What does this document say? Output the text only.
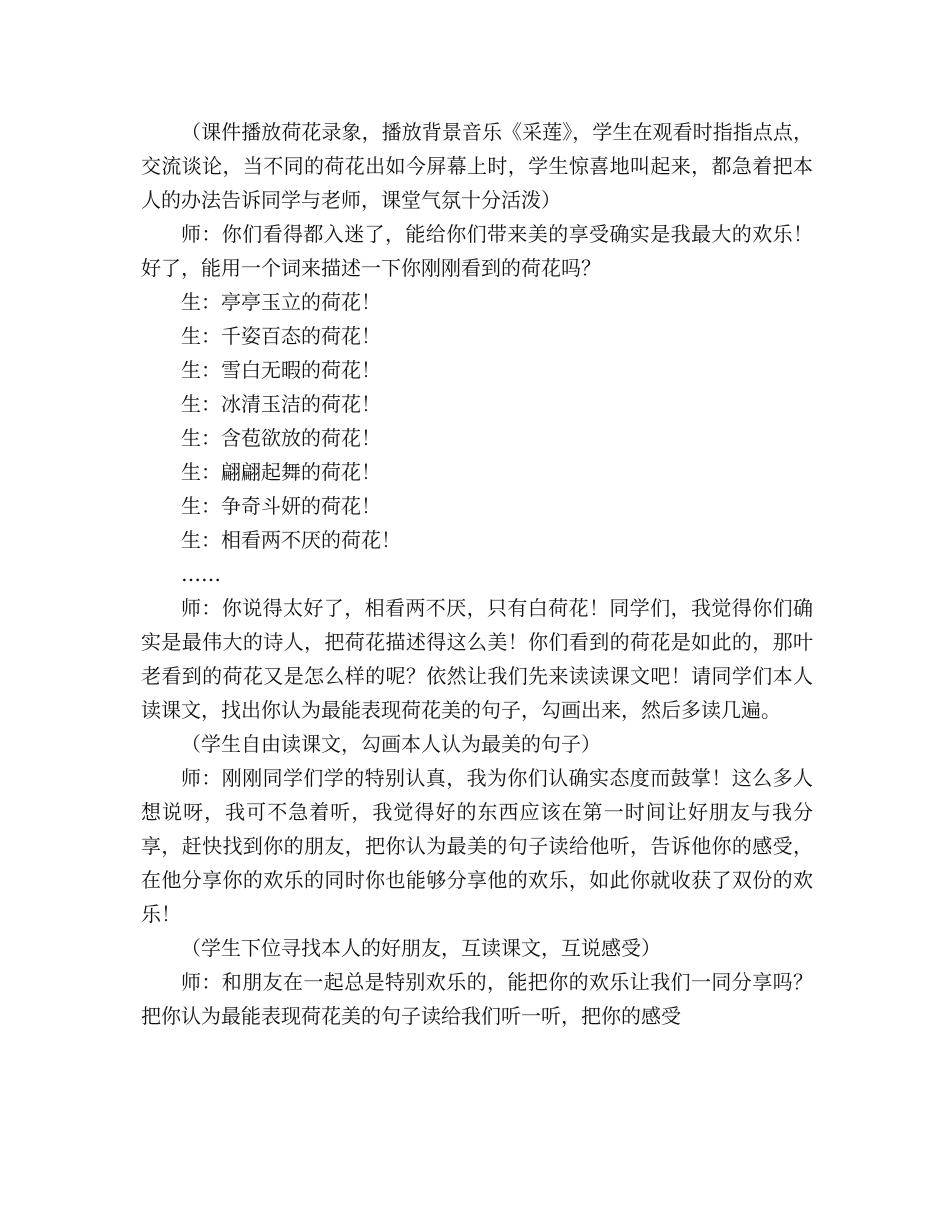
（课件播放荷花录象，播放背景音乐《采莲》，学生在观看时指指点点，交流谈论，当不同的荷花出如今屏幕上时，学生惊喜地叫起来，都急着把本人的办法告诉同学与老师，课堂气氛十分活泼）

师：你们看得都入迷了，能给你们带来美的享受确实是我最大的欢乐！好了，能用一个词来描述一下你刚刚看到的荷花吗？

生：亭亭玉立的荷花！

生：千姿百态的荷花！

生：雪白无暇的荷花！

生：冰清玉洁的荷花！

生：含苞欲放的荷花！

生：翩翩起舞的荷花！

生：争奇斗妍的荷花！

生：相看两不厌的荷花！

……

师：你说得太好了，相看两不厌，只有白荷花！同学们，我觉得你们确实是最伟大的诗人，把荷花描述得这么美！你们看到的荷花是如此的，那叶老看到的荷花又是怎么样的呢？依然让我们先来读读课文吧！请同学们本人读课文，找出你认为最能表现荷花美的句子，勾画出来，然后多读几遍。

（学生自由读课文，勾画本人认为最美的句子）

师：刚刚同学们学的特别认真，我为你们认确实态度而鼓掌！这么多人想说呀，我可不急着听，我觉得好的东西应该在第一时间让好朋友与我分享，赶快找到你的朋友，把你认为最美的句子读给他听，告诉他你的感受，在他分享你的欢乐的同时你也能够分享他的欢乐，如此你就收获了双份的欢乐！

（学生下位寻找本人的好朋友，互读课文，互说感受）

师：和朋友在一起总是特别欢乐的，能把你的欢乐让我们一同分享吗？把你认为最能表现荷花美的句子读给我们听一听，把你的感受
